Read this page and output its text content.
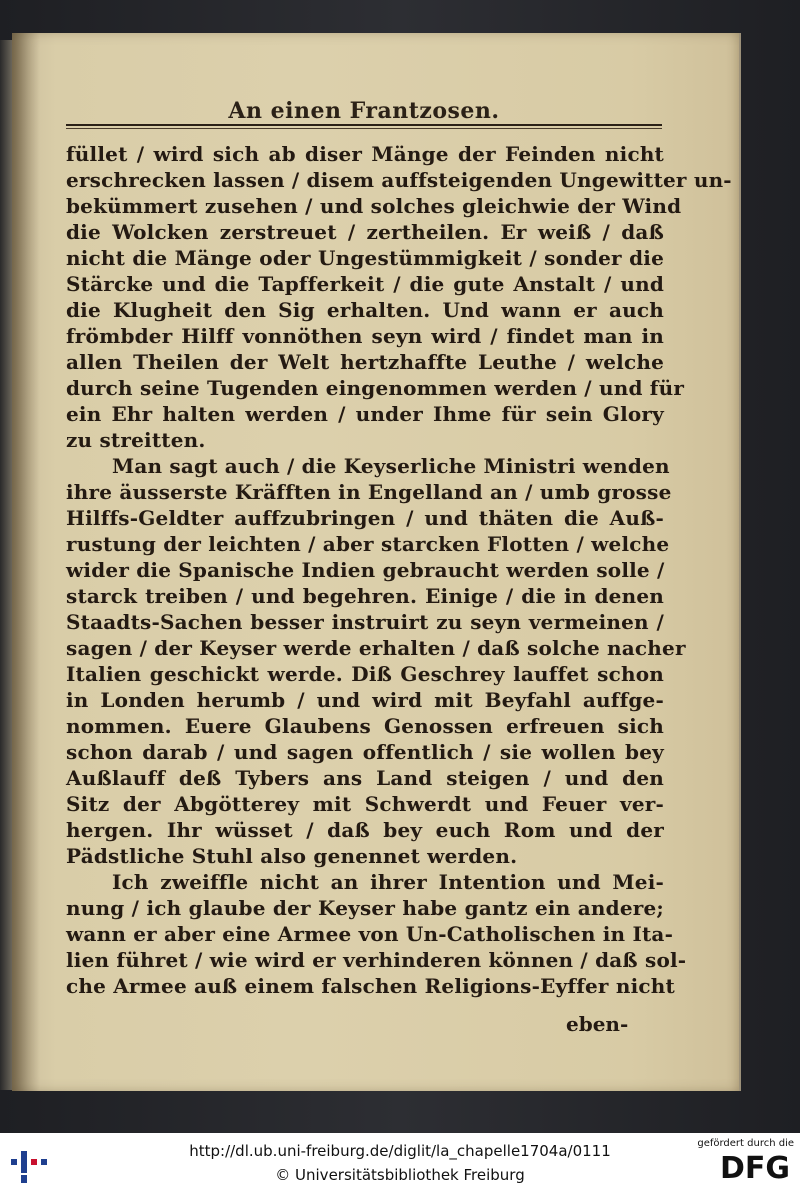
An einen Frantzosen.
füllet / wird sich ab diser Mänge der Feinden nicht
erschrecken lassen / disem auffsteigenden Ungewitter un-
bekümmert zusehen / und solches gleichwie der Wind
die Wolcken zerstreuet / zertheilen. Er weiß / daß
nicht die Mänge oder Ungestümmigkeit / sonder die
Stärcke und die Tapfferkeit / die gute Anstalt / und
die Klugheit den Sig erhalten. Und wann er auch
frömbder Hilff vonnöthen seyn wird / findet man in
allen Theilen der Welt hertzhaffte Leuthe / welche
durch seine Tugenden eingenommen werden / und für
ein Ehr halten werden / under Ihme für sein Glory
zu streitten.
Man sagt auch / die Keyserliche Ministri wenden
ihre äusserste Kräfften in Engelland an / umb grosse
Hilffs-Geldter auffzubringen / und thäten die Auß-
rustung der leichten / aber starcken Flotten / welche
wider die Spanische Indien gebraucht werden solle /
starck treiben / und begehren. Einige / die in denen
Staadts-Sachen besser instruirt zu seyn vermeinen /
sagen / der Keyser werde erhalten / daß solche nacher
Italien geschickt werde. Diß Geschrey lauffet schon
in Londen herumb / und wird mit Beyfahl auffge-
nommen. Euere Glaubens Genossen erfreuen sich
schon darab / und sagen offentlich / sie wollen bey
Außlauff deß Tybers ans Land steigen / und den
Sitz der Abgötterey mit Schwerdt und Feuer ver-
hergen. Ihr wüsset / daß bey euch Rom und der
Pädstliche Stuhl also genennet werden.
Ich zweiffle nicht an ihrer Intention und Mei-
nung / ich glaube der Keyser habe gantz ein andere;
wann er aber eine Armee von Un-Catholischen in Ita-
lien führet / wie wird er verhinderen können / daß sol-
che Armee auß einem falschen Religions-Eyffer nicht
eben-
http://dl.ub.uni-freiburg.de/diglit/la_chapelle1704a/0111
© Universitätsbibliothek Freiburg
gefördert durch die
DFG
